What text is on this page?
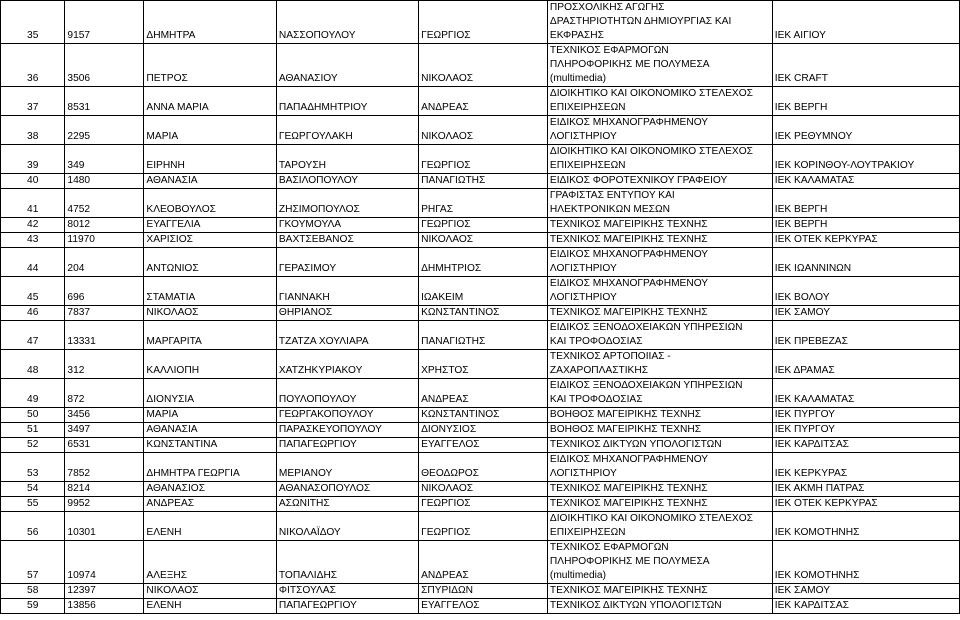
35	9157	ΔΗΜΗΤΡΑ	ΝΑΣΣΟΠΟΥΛΟΥ	ΓΕΩΡΓΙΟΣ	ΠΡΟΣΧΟΛΙΚΗΣ ΑΓΩΓΗΣ
ΔΡΑΣΤΗΡΙΟΤΗΤΩΝ ΔΗΜΙΟΥΡΓΙΑΣ ΚΑΙ
ΕΚΦΡΑΣΗΣ	ΙΕΚ ΑΙΓΙΟΥ
36	3506	ΠΕΤΡΟΣ	ΑΘΑΝΑΣΙΟΥ	ΝΙΚΟΛΑΟΣ	ΤΕΧΝΙΚΟΣ ΕΦΑΡΜΟΓΩΝ
ΠΛΗΡΟΦΟΡΙΚΗΣ ΜΕ ΠΟΛΥΜΕΣΑ
(multimedia)	ΙΕΚ CRAFT
37	8531	ΑΝΝΑ ΜΑΡΙΑ	ΠΑΠΑΔΗΜΗΤΡΙΟΥ	ΑΝΔΡΕΑΣ	ΔΙΟΙΚΗΤΙΚΟ ΚΑΙ ΟΙΚΟΝΟΜΙΚΟ ΣΤΕΛΕΧΟΣ
ΕΠΙΧΕΙΡΗΣΕΩΝ	ΙΕΚ ΒΕΡΓΗ
38	2295	ΜΑΡΙΑ	ΓΕΩΡΓΟΥΛΑΚΗ	ΝΙΚΟΛΑΟΣ	ΕΙΔΙΚΟΣ ΜΗΧΑΝΟΓΡΑΦΗΜΕΝΟΥ
ΛΟΓΙΣΤΗΡΙΟΥ	ΙΕΚ ΡΕΘΥΜΝΟΥ
39	349	ΕΙΡΗΝΗ	ΤΑΡΟΥΣΗ	ΓΕΩΡΓΙΟΣ	ΔΙΟΙΚΗΤΙΚΟ ΚΑΙ ΟΙΚΟΝΟΜΙΚΟ ΣΤΕΛΕΧΟΣ
ΕΠΙΧΕΙΡΗΣΕΩΝ	ΙΕΚ ΚΟΡΙΝΘΟΥ-ΛΟΥΤΡΑΚΙΟΥ
40	1480	ΑΘΑΝΑΣΙΑ	ΒΑΣΙΛΟΠΟΥΛΟΥ	ΠΑΝΑΓΙΩΤΗΣ	ΕΙΔΙΚΟΣ ΦΟΡΟΤΕΧΝΙΚΟΥ ΓΡΑΦΕΙΟΥ	ΙΕΚ ΚΑΛΑΜΑΤΑΣ
41	4752	ΚΛΕΟΒΟΥΛΟΣ	ΖΗΣΙΜΟΠΟΥΛΟΣ	ΡΗΓΑΣ	ΓΡΑΦΙΣΤΑΣ ΕΝΤΥΠΟΥ ΚΑΙ
ΗΛΕΚΤΡΟΝΙΚΩΝ ΜΕΣΩΝ	ΙΕΚ ΒΕΡΓΗ
42	8012	ΕΥΑΓΓΕΛΙΑ	ΓΚΟΥΜΟΥΛΑ	ΓΕΩΡΓΙΟΣ	ΤΕΧΝΙΚΟΣ ΜΑΓΕΙΡΙΚΗΣ ΤΕΧΝΗΣ	ΙΕΚ ΒΕΡΓΗ
43	11970	ΧΑΡΙΣΙΟΣ	ΒΑΧΤΣΕΒΑΝΟΣ	ΝΙΚΟΛΑΟΣ	ΤΕΧΝΙΚΟΣ ΜΑΓΕΙΡΙΚΗΣ ΤΕΧΝΗΣ	ΙΕΚ ΟΤΕΚ ΚΕΡΚΥΡΑΣ
44	204	ΑΝΤΩΝΙΟΣ	ΓΕΡΑΣΙΜΟΥ	ΔΗΜΗΤΡΙΟΣ	ΕΙΔΙΚΟΣ ΜΗΧΑΝΟΓΡΑΦΗΜΕΝΟΥ
ΛΟΓΙΣΤΗΡΙΟΥ	ΙΕΚ ΙΩΑΝΝΙΝΩΝ
45	696	ΣΤΑΜΑΤΙΑ	ΓΙΑΝΝΑΚΗ	ΙΩΑΚΕΙΜ	ΕΙΔΙΚΟΣ ΜΗΧΑΝΟΓΡΑΦΗΜΕΝΟΥ
ΛΟΓΙΣΤΗΡΙΟΥ	ΙΕΚ ΒΟΛΟΥ
46	7837	ΝΙΚΟΛΑΟΣ	ΘΗΡΙΑΝΟΣ	ΚΩΝΣΤΑΝΤΙΝΟΣ	ΤΕΧΝΙΚΟΣ ΜΑΓΕΙΡΙΚΗΣ ΤΕΧΝΗΣ	ΙΕΚ ΣΑΜΟΥ
47	13331	ΜΑΡΓΑΡΙΤΑ	ΤΖΑΤΖΑ ΧΟΥΛΙΑΡΑ	ΠΑΝΑΓΙΩΤΗΣ	ΕΙΔΙΚΟΣ ΞΕΝΟΔΟΧΕΙΑΚΩΝ ΥΠΗΡΕΣΙΩΝ
ΚΑΙ ΤΡΟΦΟΔΟΣΙΑΣ	ΙΕΚ ΠΡΕΒΕΖΑΣ
48	312	ΚΑΛΛΙΟΠΗ	ΧΑΤΖΗΚΥΡΙΑΚΟΥ	ΧΡΗΣΤΟΣ	ΤΕΧΝΙΚΟΣ ΑΡΤΟΠΟΙΙΑΣ -
ΖΑΧΑΡΟΠΛΑΣΤΙΚΗΣ	ΙΕΚ ΔΡΑΜΑΣ
49	872	ΔΙΟΝΥΣΙΑ	ΠΟΥΛΟΠΟΥΛΟΥ	ΑΝΔΡΕΑΣ	ΕΙΔΙΚΟΣ ΞΕΝΟΔΟΧΕΙΑΚΩΝ ΥΠΗΡΕΣΙΩΝ
ΚΑΙ ΤΡΟΦΟΔΟΣΙΑΣ	ΙΕΚ ΚΑΛΑΜΑΤΑΣ
50	3456	ΜΑΡΙΑ	ΓΕΩΡΓΑΚΟΠΟΥΛΟΥ	ΚΩΝΣΤΑΝΤΙΝΟΣ	ΒΟΗΘΟΣ ΜΑΓΕΙΡΙΚΗΣ ΤΕΧΝΗΣ	ΙΕΚ ΠΥΡΓΟΥ
51	3497	ΑΘΑΝΑΣΙΑ	ΠΑΡΑΣΚΕΥΟΠΟΥΛΟΥ	ΔΙΟΝΥΣΙΟΣ	ΒΟΗΘΟΣ ΜΑΓΕΙΡΙΚΗΣ ΤΕΧΝΗΣ	ΙΕΚ ΠΥΡΓΟΥ
52	6531	ΚΩΝΣΤΑΝΤΙΝΑ	ΠΑΠΑΓΕΩΡΓΙΟΥ	ΕΥΑΓΓΕΛΟΣ	ΤΕΧΝΙΚΟΣ ΔΙΚΤΥΩΝ ΥΠΟΛΟΓΙΣΤΩΝ	ΙΕΚ ΚΑΡΔΙΤΣΑΣ
53	7852	ΔΗΜΗΤΡΑ ΓΕΩΡΓΙΑ	ΜΕΡΙΑΝΟΥ	ΘΕΟΔΩΡΟΣ	ΕΙΔΙΚΟΣ ΜΗΧΑΝΟΓΡΑΦΗΜΕΝΟΥ
ΛΟΓΙΣΤΗΡΙΟΥ	ΙΕΚ ΚΕΡΚΥΡΑΣ
54	8214	ΑΘΑΝΑΣΙΟΣ	ΑΘΑΝΑΣΟΠΟΥΛΟΣ	ΝΙΚΟΛΑΟΣ	ΤΕΧΝΙΚΟΣ ΜΑΓΕΙΡΙΚΗΣ ΤΕΧΝΗΣ	ΙΕΚ ΑΚΜΗ ΠΑΤΡΑΣ
55	9952	ΑΝΔΡΕΑΣ	ΑΣΩΝΙΤΗΣ	ΓΕΩΡΓΙΟΣ	ΤΕΧΝΙΚΟΣ ΜΑΓΕΙΡΙΚΗΣ ΤΕΧΝΗΣ	ΙΕΚ ΟΤΕΚ ΚΕΡΚΥΡΑΣ
56	10301	ΕΛΕΝΗ	ΝΙΚΟΛΑΪΔΟΥ	ΓΕΩΡΓΙΟΣ	ΔΙΟΙΚΗΤΙΚΟ ΚΑΙ ΟΙΚΟΝΟΜΙΚΟ ΣΤΕΛΕΧΟΣ
ΕΠΙΧΕΙΡΗΣΕΩΝ	ΙΕΚ ΚΟΜΟΤΗΝΗΣ
57	10974	ΑΛΕΞΗΣ	ΤΟΠΑΛΙΔΗΣ	ΑΝΔΡΕΑΣ	ΤΕΧΝΙΚΟΣ ΕΦΑΡΜΟΓΩΝ
ΠΛΗΡΟΦΟΡΙΚΗΣ ΜΕ ΠΟΛΥΜΕΣΑ
(multimedia)	ΙΕΚ ΚΟΜΟΤΗΝΗΣ
58	12397	ΝΙΚΟΛΑΟΣ	ΦΙΤΣΟΥΛΑΣ	ΣΠΥΡΙΔΩΝ	ΤΕΧΝΙΚΟΣ ΜΑΓΕΙΡΙΚΗΣ ΤΕΧΝΗΣ	ΙΕΚ ΣΑΜΟΥ
59	13856	ΕΛΕΝΗ	ΠΑΠΑΓΕΩΡΓΙΟΥ	ΕΥΑΓΓΕΛΟΣ	ΤΕΧΝΙΚΟΣ ΔΙΚΤΥΩΝ ΥΠΟΛΟΓΙΣΤΩΝ	ΙΕΚ ΚΑΡΔΙΤΣΑΣ
